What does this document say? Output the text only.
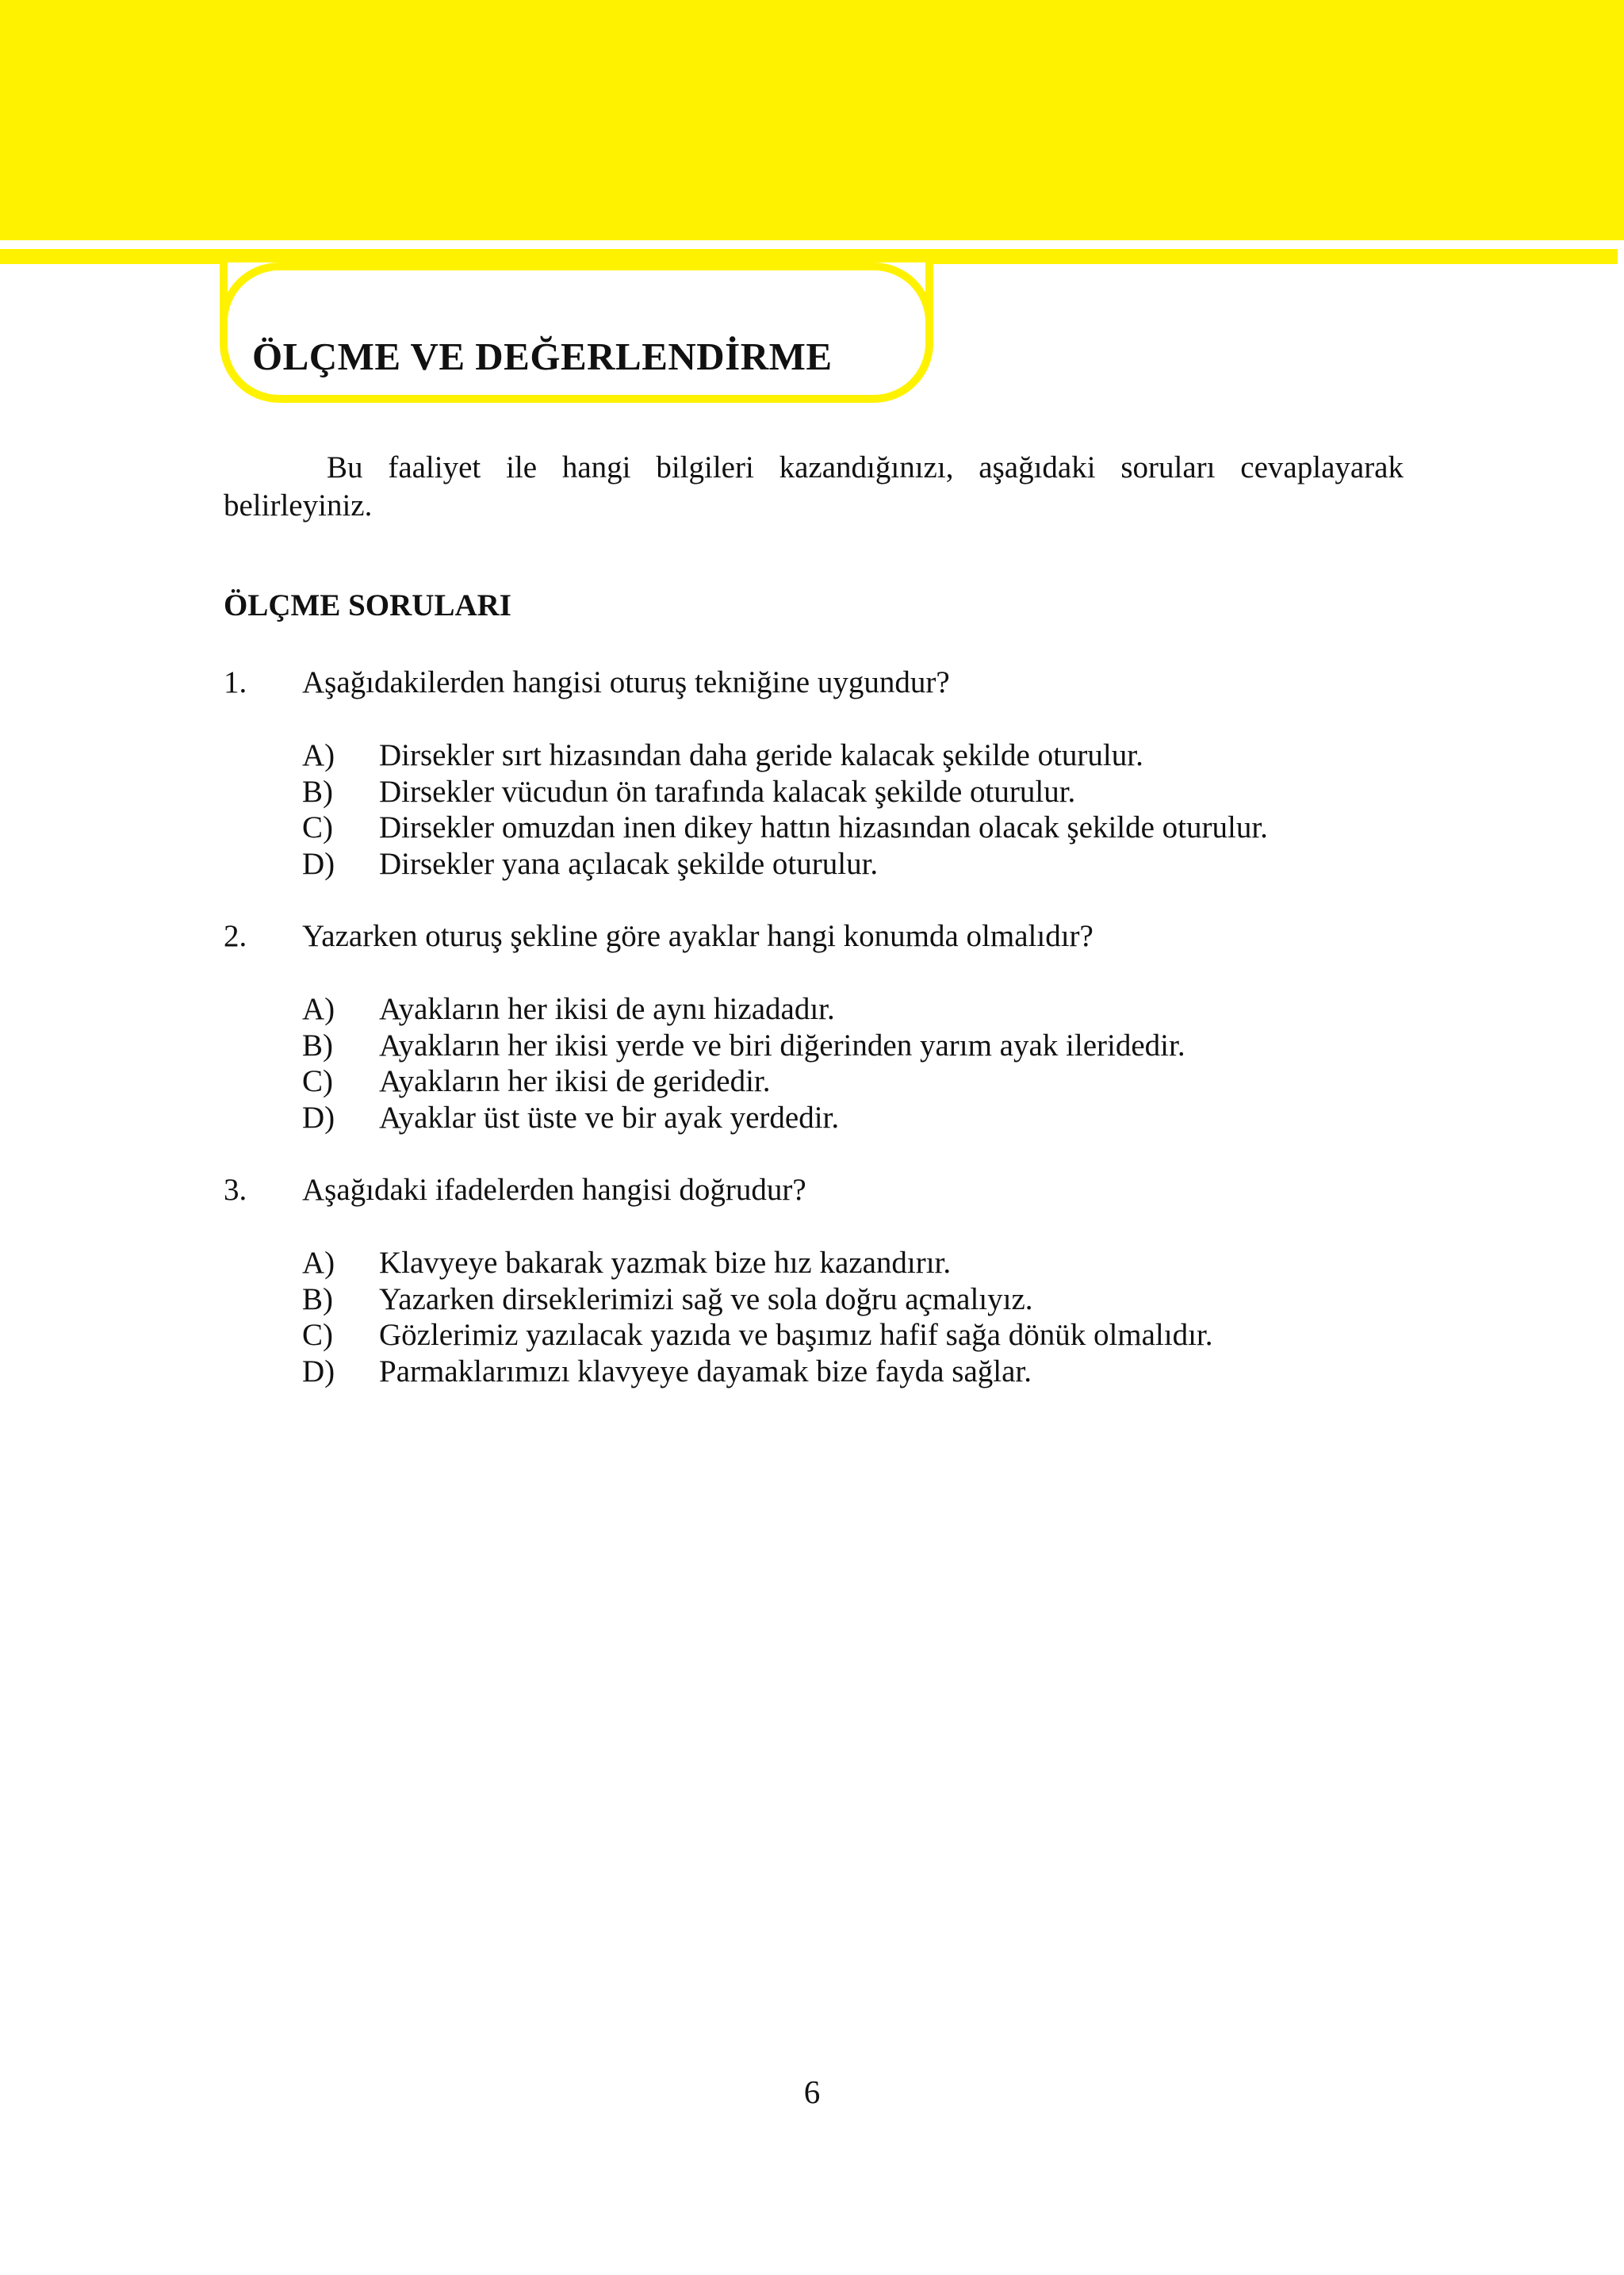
ÖLÇME VE DEĞERLENDİRME

Bu faaliyet ile hangi bilgileri kazandığınızı, aşağıdaki soruları cevaplayarak belirleyiniz.

ÖLÇME SORULARI
1. Aşağıdakilerden hangisi oturuş tekniğine uygundur?
A) Dirsekler sırt hizasından daha geride kalacak şekilde oturulur.
B) Dirsekler vücudun ön tarafında kalacak şekilde oturulur.
C) Dirsekler omuzdan inen dikey hattın hizasından olacak şekilde oturulur.
D) Dirsekler yana açılacak şekilde oturulur.
2. Yazarken oturuş şekline göre ayaklar hangi konumda olmalıdır?
A) Ayakların her ikisi de aynı hizadadır.
B) Ayakların her ikisi yerde ve biri diğerinden yarım ayak ileridedir.
C) Ayakların her ikisi de geridedir.
D) Ayaklar üst üste ve bir ayak yerdedir.
3. Aşağıdaki ifadelerden hangisi doğrudur?
A) Klavyeye bakarak yazmak bize hız kazandırır.
B) Yazarken dirseklerimizi sağ ve sola doğru açmalıyız.
C) Gözlerimiz yazılacak yazıda ve başımız hafif sağa dönük olmalıdır.
D) Parmaklarımızı klavyeye dayamak bize fayda sağlar.

6
